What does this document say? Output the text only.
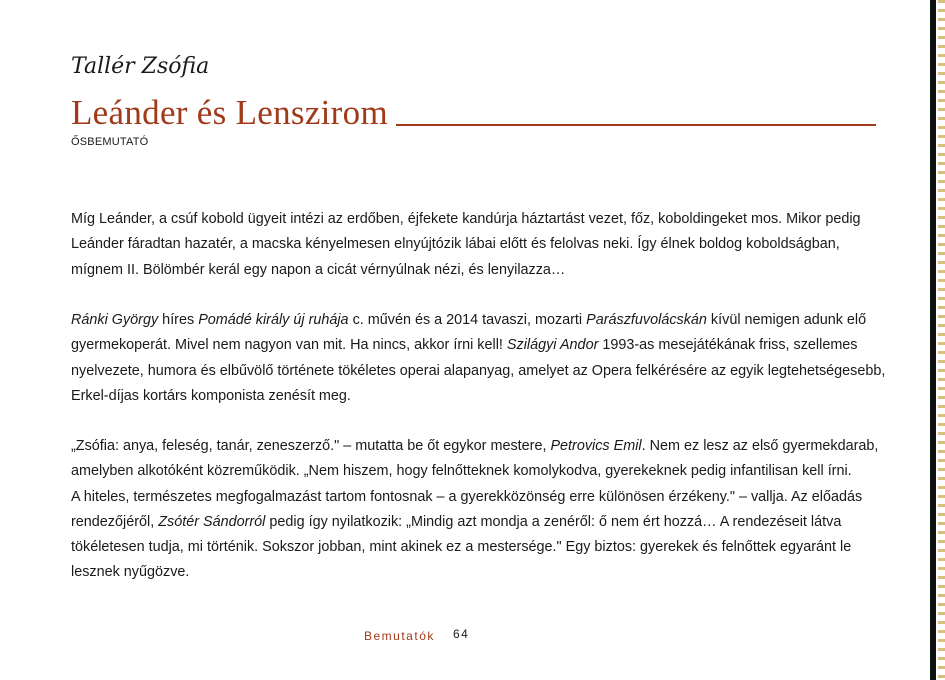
Tallér Zsófia
Leánder és Lenszirom
ŐSBEMUTATÓ
Míg Leánder, a csúf kobold ügyeit intézi az erdőben, éjfekete kandúrja háztartást vezet, főz, koboldingeket mos. Mikor pedig
Leánder fáradtan hazatér, a macska kényelmesen elnyújtózik lábai előtt és felolvas neki. Így élnek boldog koboldságban,
mígnem II. Bölömbér kerál egy napon a cicát vérnyúlnak nézi, és lenyilazza…
Ránki György híres Pomádé király új ruhája c. művén és a 2014 tavaszi, mozarti Parászfuvolácskán kívül nemigen adunk elő
gyermekoperát. Mivel nem nagyon van mit. Ha nincs, akkor írni kell! Szilágyi Andor 1993-as mesejátékának friss, szellemes
nyelvezete, humora és elbűvölő története tökéletes operai alapanyag, amelyet az Opera felkérésére az egyik legtehetségesebb,
Erkel-díjas kortárs komponista zenésít meg.
„Zsófia: anya, feleség, tanár, zeneszerző." – mutatta be őt egykor mestere, Petrovics Emil. Nem ez lesz az első gyermekdarab,
amelyben alkotóként közreműködik. „Nem hiszem, hogy felnőtteknek komolykodva, gyerekeknek pedig infantilisan kell írni.
A hiteles, természetes megfogalmazást tartom fontosnak – a gyerekközönség erre különösen érzékeny." – vallja. Az előadás
rendezőjéről, Zsótér Sándorról pedig így nyilatkozik: „Mindig azt mondja a zenéről: ő nem ért hozzá… A rendezéseit látva
tökéletesen tudja, mi történik. Sokszor jobban, mint akinek ez a mestersége." Egy biztos: gyerekek és felnőttek egyaránt le
lesznek nyűgözve.
Bemutatók 64
